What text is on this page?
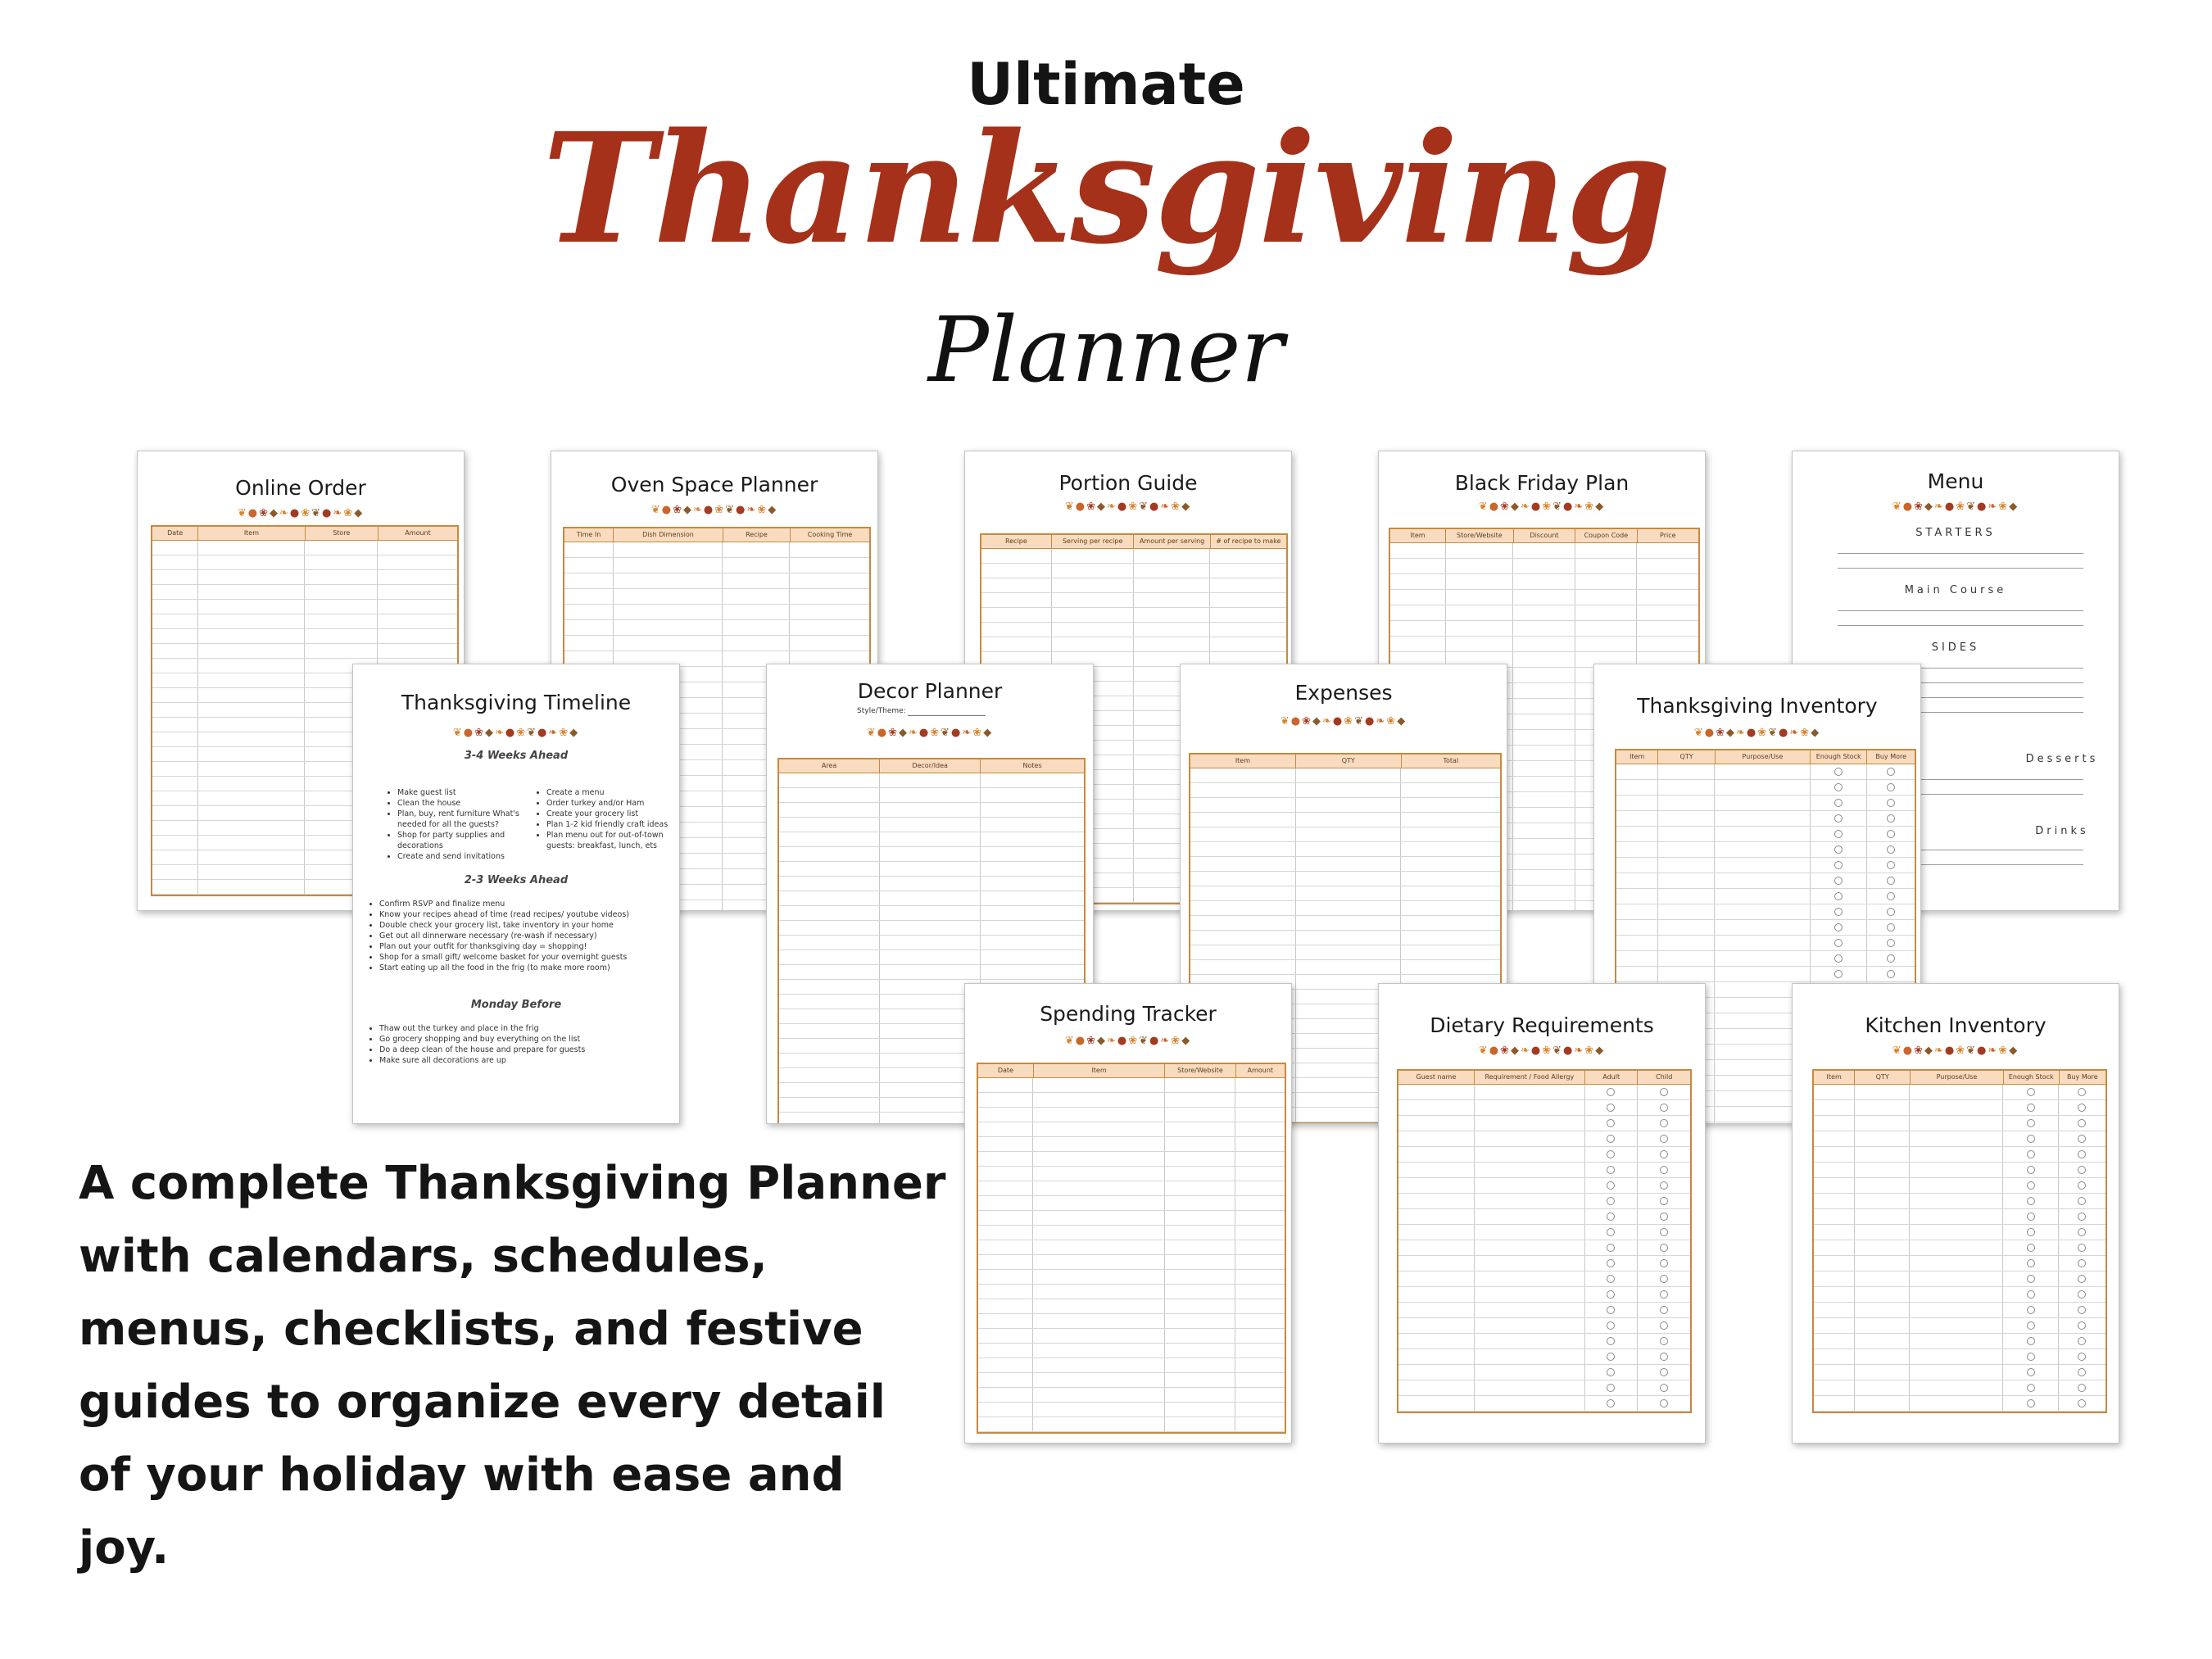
Ultimate
Thanksgiving
Planner
Online Order
❦●❀◆❧●❀❦●❧❀◆
Date	Item	Store	Amount
Oven Space Planner
❦●❀◆❧●❀❦●❧❀◆
Time In	Dish Dimension	Recipe	Cooking Time
Portion Guide
❦●❀◆❧●❀❦●❧❀◆
Recipe	Serving per recipe	Amount per serving	# of recipe to make
Black Friday Plan
❦●❀◆❧●❀❦●❧❀◆
Item	Store/Website	Discount	Coupon Code	Price
Menu
❦●❀◆❧●❀❦●❧❀◆
STARTERS
Main Course
SIDES
Desserts
Drinks
Thanksgiving Timeline
❦●❀◆❧●❀❦●❧❀◆
3-4 Weeks Ahead
• Make guest list
• Clean the house
• Plan, buy, rent furniture What's needed for all the guests?
• Shop for party supplies and decorations
• Create and send invitations
• Create a menu
• Order turkey and/or Ham
• Create your grocery list
• Plan 1-2 kid friendly craft ideas
• Plan menu out for out-of-town guests: breakfast, lunch, ets
2-3 Weeks Ahead
• Confirm RSVP and finalize menu
• Know your recipes ahead of time (read recipes/ youtube videos)
• Double check your grocery list, take inventory in your home
• Get out all dinnerware necessary (re-wash if necessary)
• Plan out your outfit for thanksgiving day = shopping!
• Shop for a small gift/ welcome basket for your overnight guests
• Start eating up all the food in the frig (to make more room)
Monday Before
• Thaw out the turkey and place in the frig
• Go grocery shopping and buy everything on the list
• Do a deep clean of the house and prepare for guests
• Make sure all decorations are up
Decor Planner
Style/Theme:
❦●❀◆❧●❀❦●❧❀◆
Area	Decor/Idea	Notes
Expenses
❦●❀◆❧●❀❦●❧❀◆
Item	QTY	Total
Thanksgiving Inventory
❦●❀◆❧●❀❦●❧❀◆
Item	QTY	Purpose/Use	Enough Stock	Buy More
Spending Tracker
❦●❀◆❧●❀❦●❧❀◆
Date	Item	Store/Website	Amount
Dietary Requirements
❦●❀◆❧●❀❦●❧❀◆
Guest name	Requirement / Food Allergy	Adult	Child
Kitchen Inventory
❦●❀◆❧●❀❦●❧❀◆
Item	QTY	Purpose/Use	Enough Stock	Buy More
A complete Thanksgiving Planner with calendars, schedules, menus, checklists, and festive guides to organize every detail of your holiday with ease and joy.
